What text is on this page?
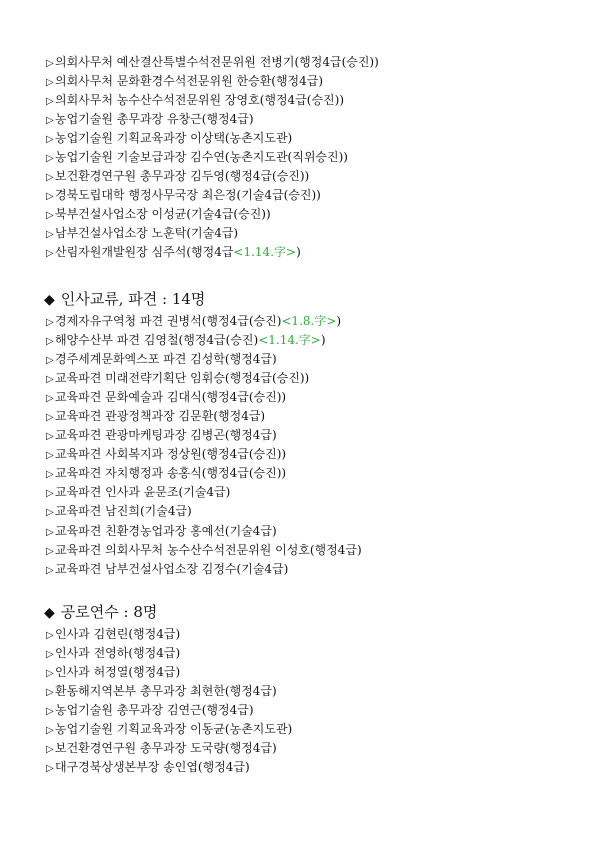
▷의회사무처 예산결산특별수석전문위원 전병기(행정4급(승진))
▷의회사무처 문화환경수석전문위원 한승환(행정4급)
▷의회사무처 농수산수석전문위원 장영호(행정4급(승진))
▷농업기술원 총무과장 유창근(행정4급)
▷농업기술원 기획교육과장 이상택(농촌지도관)
▷농업기술원 기술보급과장 김수연(농촌지도관(직위승진))
▷보건환경연구원 총무과장 김두영(행정4급(승진))
▷경북도립대학 행정사무국장 최은정(기술4급(승진))
▷북부건설사업소장 이성균(기술4급(승진))
▷남부건설사업소장 노훈탁(기술4급)
▷산림자원개발원장 심주석(행정4급<1.14.字>)
◆ 인사교류, 파견 : 14명
▷경제자유구역청 파견 권병석(행정4급(승진)<1.8.字>)
▷해양수산부 파견 김영철(행정4급(승진)<1.14.字>)
▷경주세계문화엑스포 파견 김성학(행정4급)
▷교육파견 미래전략기획단 임휘승(행정4급(승진))
▷교육파견 문화예술과 김대식(행정4급(승진))
▷교육파견 관광정책과장 김문환(행정4급)
▷교육파견 관광마케팅과장 김병곤(행정4급)
▷교육파견 사회복지과 정상원(행정4급(승진))
▷교육파견 자치행정과 송홍식(행정4급(승진))
▷교육파견 인사과 윤문조(기술4급)
▷교육파견 남진희(기술4급)
▷교육파견 친환경농업과장 홍예선(기술4급)
▷교육파견 의회사무처 농수산수석전문위원 이성호(행정4급)
▷교육파견 남부건설사업소장 김정수(기술4급)
◆ 공로연수 : 8명
▷인사과 김현린(행정4급)
▷인사과 전영하(행정4급)
▷인사과 허정열(행정4급)
▷환동해지역본부 총무과장 최현한(행정4급)
▷농업기술원 총무과장 김연근(행정4급)
▷농업기술원 기획교육과장 이동균(농촌지도관)
▷보건환경연구원 총무과장 도국량(행정4급)
▷대구경북상생본부장 송인엽(행정4급)
